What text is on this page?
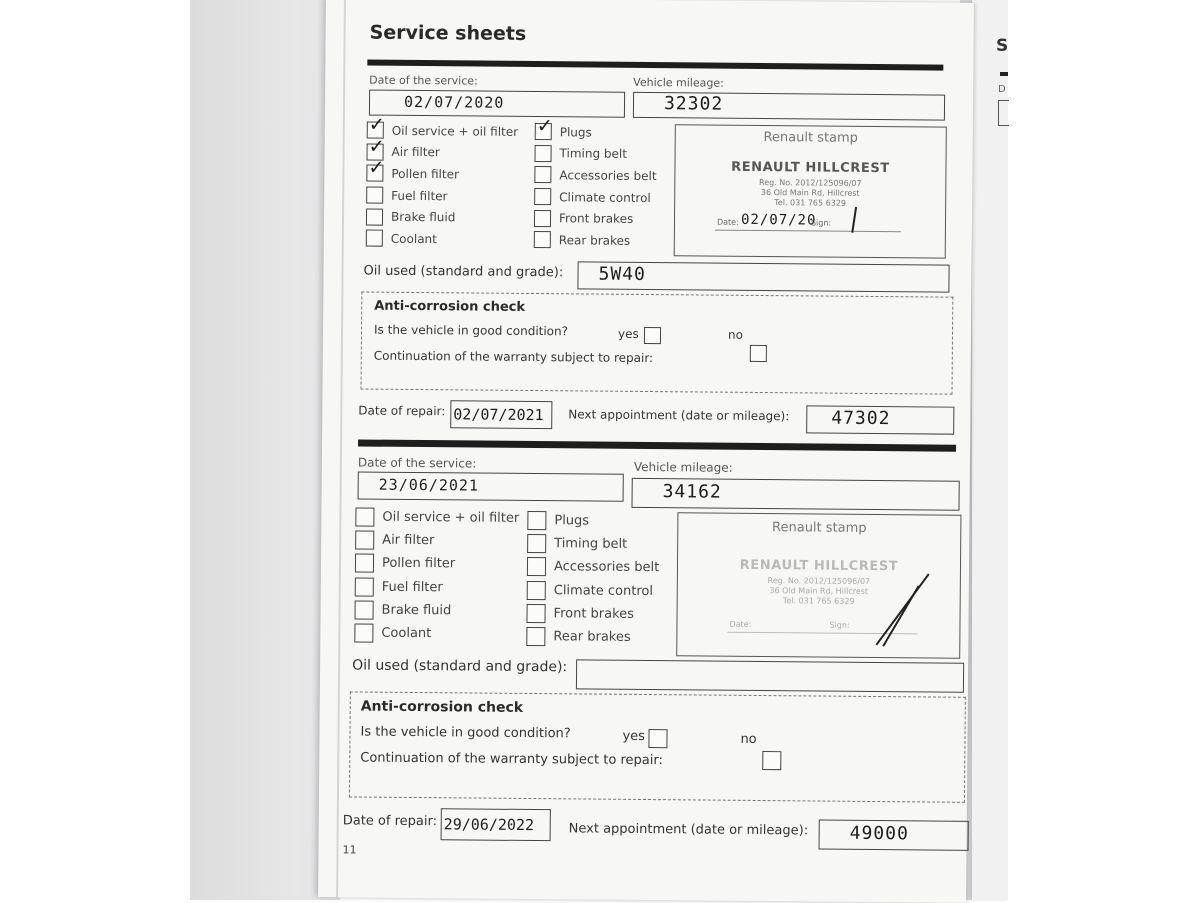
S
D
Service sheets
Date of the service:
02/07/2020
Vehicle mileage:
32302
✓ Oil service + oil filter
✓ Air filter
✓ Pollen filter
Fuel filter
Brake fluid
Coolant
✓ Plugs
Timing belt
Accessories belt
Climate control
Front brakes
Rear brakes
Renault stamp
RENAULT HILLCREST
Reg. No. 2012/125096/07
36 Old Main Rd, Hillcrest
Tel. 031 765 6329
Date: 02/07/20
Sign:
Oil used (standard and grade): 5W40
Anti-corrosion check
Is the vehicle in good condition?	yes	no
Continuation of the warranty subject to repair:
Date of repair: 02/07/2021 Next appointment (date or mileage): 47302
Date of the service:
23/06/2021
Vehicle mileage:
34162
Oil service + oil filter
Air filter
Pollen filter
Fuel filter
Brake fluid
Coolant
Plugs
Timing belt
Accessories belt
Climate control
Front brakes
Rear brakes
Renault stamp
RENAULT HILLCREST
Reg. No. 2012/125096/07
36 Old Main Rd, Hillcrest
Tel. 031 765 6329
Date:	Sign:
Oil used (standard and grade):
Anti-corrosion check
Is the vehicle in good condition?	yes	no
Continuation of the warranty subject to repair:
Date of repair: 29/06/2022	Next appointment (date or mileage): 49000
11
